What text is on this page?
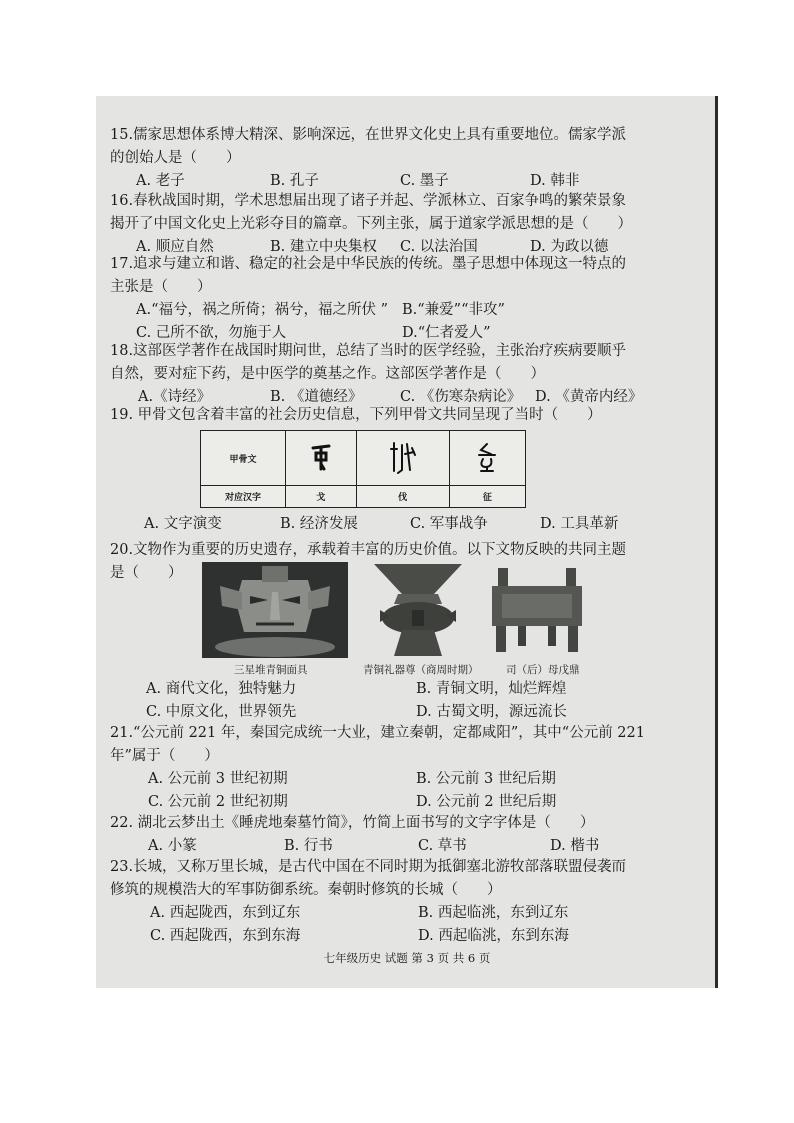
15.儒家思想体系博大精深、影响深远，在世界文化史上具有重要地位。儒家学派
的创始人是（　　）
A. 老子	B. 孔子	C. 墨子	D. 韩非
16.春秋战国时期，学术思想届出现了诸子并起、学派林立、百家争鸣的繁荣景象
揭开了中国文化史上光彩夺目的篇章。下列主张，属于道家学派思想的是（　　）
A. 顺应自然	B. 建立中央集权 C. 以法治国	D. 为政以德
17.追求与建立和谐、稳定的社会是中华民族的传统。墨子思想中体现这一特点的
主张是（　　）
A.“福兮，祸之所倚；祸兮，福之所伏 ” B.“兼爱”“非攻”
C. 己所不欲，勿施于人	D.“仁者爱人”
18.这部医学著作在战国时期问世，总结了当时的医学经验，主张治疗疾病要顺乎
自然，要对症下药，是中医学的奠基之作。这部医学著作是（　　）
A.《诗经》	B. 《道德经》	C. 《伤寒杂病论》 D. 《黄帝内经》
19. 甲骨文包含着丰富的社会历史信息，下列甲骨文共同呈现了当时（　　）
甲骨文			
对应汉字	戈	伐	征
A. 文字演变	B. 经济发展	C. 军事战争	D. 工具革新
20.文物作为重要的历史遗存，承载着丰富的历史价值。以下文物反映的共同主题
是（　　）
三星堆青铜面具	青铜礼器尊（商周时期）	司（后）母戊鼎
A. 商代文化，独特魅力	B. 青铜文明，灿烂辉煌
C. 中原文化，世界领先	D. 古蜀文明，源远流长
21.“公元前 221 年，秦国完成统一大业，建立秦朝，定都咸阳”，其中“公元前 221
年”属于（　　）
A. 公元前 3 世纪初期	B. 公元前 3 世纪后期
C. 公元前 2 世纪初期	D. 公元前 2 世纪后期
22. 湖北云梦出土《睡虎地秦墓竹简》，竹简上面书写的文字字体是（　　）
A. 小篆	B. 行书	C. 草书	D. 楷书
23.长城，又称万里长城，是古代中国在不同时期为抵御塞北游牧部落联盟侵袭而
修筑的规模浩大的军事防御系统。秦朝时修筑的长城（　　）
A. 西起陇西，东到辽东	B. 西起临洮，东到辽东
C. 西起陇西，东到东海	D. 西起临洮，东到东海
七年级历史 试题 第 3 页 共 6 页
